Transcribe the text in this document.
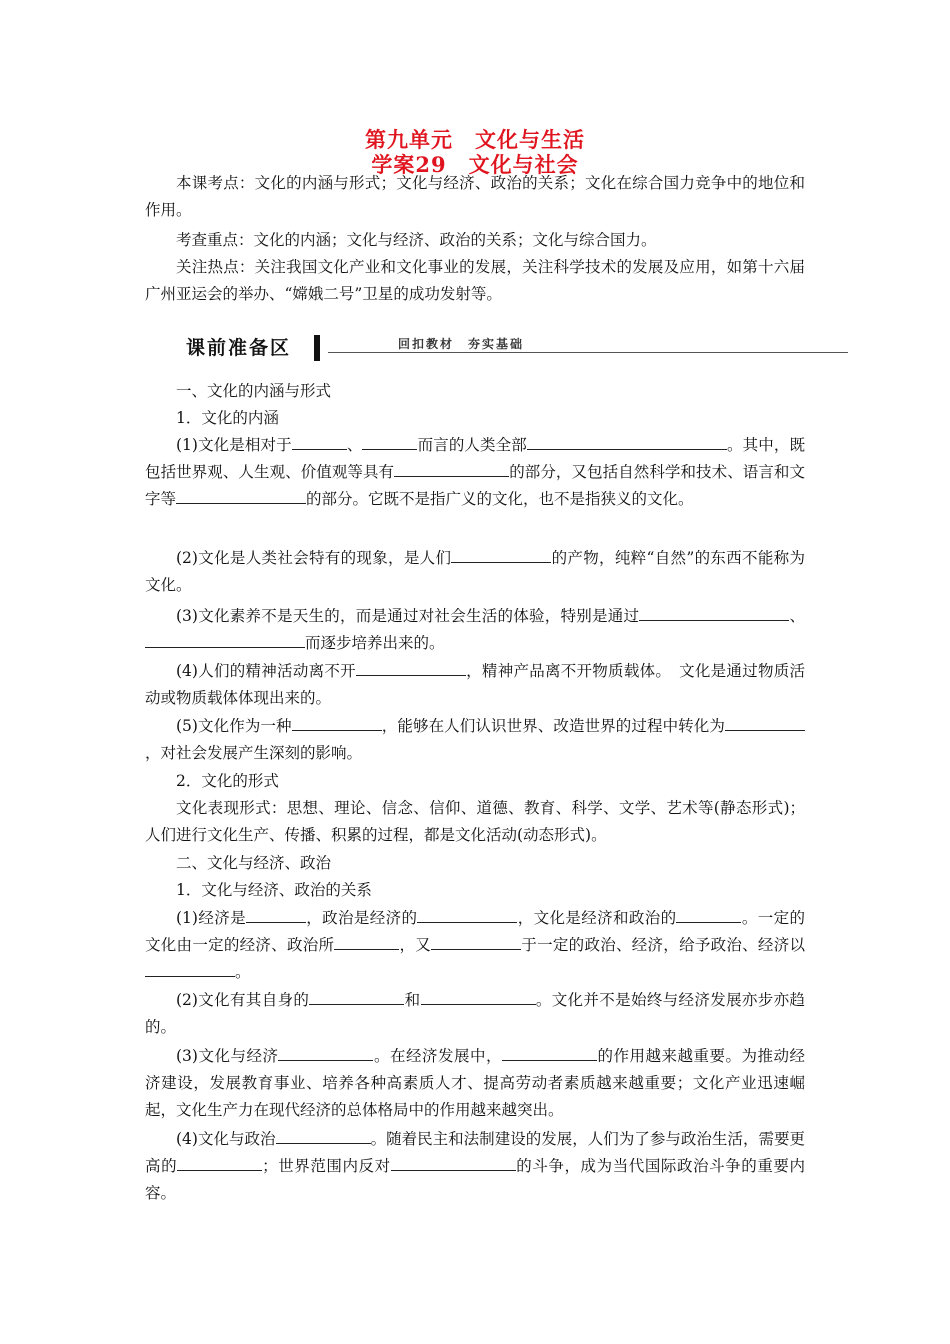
第九单元　文化与生活
学案29　文化与社会

本课考点：文化的内涵与形式；文化与经济、政治的关系；文化在综合国力竞争中的地位和作用。

考查重点：文化的内涵；文化与经济、政治的关系；文化与综合国力。

关注热点：关注我国文化产业和文化事业的发展，关注科学技术的发展及应用，如第十六届广州亚运会的举办、“嫦娥二号”卫星的成功发射等。

课前准备区	回扣教材　夯实基础

一、文化的内涵与形式

1．文化的内涵

(1)文化是相对于	、	而言的人类全部	。其中，既包括世界观、人生观、价值观等具有	的部分，又包括自然科学和技术、语言和文字等	的部分。它既不是指广义的文化，也不是指狭义的文化。

(2)文化是人类社会特有的现象，是人们	的产物，纯粹“自然”的东西不能称为文化。

(3)文化素养不是天生的，而是通过对社会生活的体验，特别是通过	、而逐步培养出来的。

(4)人们的精神活动离不开	，精神产品离不开物质载体。　文化是通过物质活动或物质载体体现出来的。

(5)文化作为一种	，能够在人们认识世界、改造世界的过程中转化为，对社会发展产生深刻的影响。

2．文化的形式

文化表现形式：思想、理论、信念、信仰、道德、教育、科学、文学、艺术等(静态形式)；人们进行文化生产、传播、积累的过程，都是文化活动(动态形式)。

二、文化与经济、政治

1．文化与经济、政治的关系

(1)经济是	，政治是经济的	，文化是经济和政治的	。一定的文化由一定的经济、政治所	，又	于一定的政治、经济，给予政治、经济以。

(2)文化有其自身的	和	。文化并不是始终与经济发展亦步亦趋的。

(3)文化与经济	。在经济发展中，	的作用越来越重要。为推动经济建设，发展教育事业、培养各种高素质人才、提高劳动者素质越来越重要；文化产业迅速崛起，文化生产力在现代经济的总体格局中的作用越来越突出。

(4)文化与政治	。随着民主和法制建设的发展，人们为了参与政治生活，需要更高的	；世界范围内反对	的斗争，成为当代国际政治斗争的重要内容。
